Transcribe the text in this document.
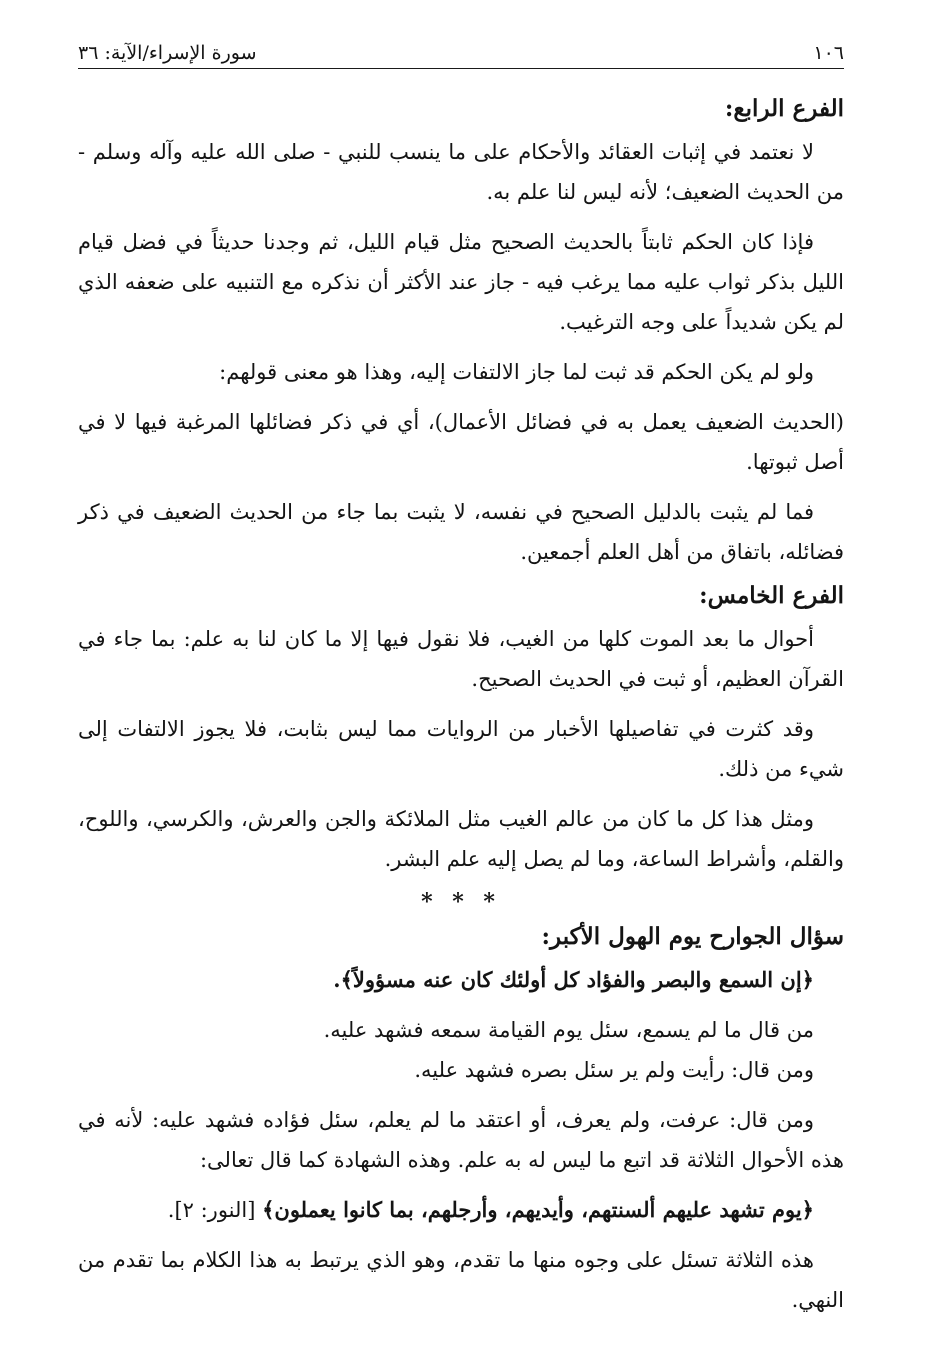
١٠٦
سورة الإسراء/الآية: ٣٦
الفرع الرابع:

لا نعتمد في إثبات العقائد والأحكام على ما ينسب للنبي - صلى الله عليه وآله وسلم - من الحديث الضعيف؛ لأنه ليس لنا علم به.

فإذا كان الحكم ثابتاً بالحديث الصحيح مثل قيام الليل، ثم وجدنا حديثاً في فضل قيام الليل بذكر ثواب عليه مما يرغب فيه - جاز عند الأكثر أن نذكره مع التنبيه على ضعفه الذي لم يكن شديداً على وجه الترغيب.

ولو لم يكن الحكم قد ثبت لما جاز الالتفات إليه، وهذا هو معنى قولهم:

(الحديث الضعيف يعمل به في فضائل الأعمال)، أي في ذكر فضائلها المرغبة فيها لا في أصل ثبوتها.

فما لم يثبت بالدليل الصحيح في نفسه، لا يثبت بما جاء من الحديث الضعيف في ذكر فضائله، باتفاق من أهل العلم أجمعين.

الفرع الخامس:

أحوال ما بعد الموت كلها من الغيب، فلا نقول فيها إلا ما كان لنا به علم: بما جاء في القرآن العظيم، أو ثبت في الحديث الصحيح.

وقد كثرت في تفاصيلها الأخبار من الروايات مما ليس بثابت، فلا يجوز الالتفات إلى شيء من ذلك.

ومثل هذا كل ما كان من عالم الغيب مثل الملائكة والجن والعرش، والكرسي، واللوح، والقلم، وأشراط الساعة، وما لم يصل إليه علم البشر.

* * *
سؤال الجوارح يوم الهول الأكبر:

﴿إن السمع والبصر والفؤاد كل أولئك كان عنه مسؤولاً﴾.

من قال ما لم يسمع، سئل يوم القيامة سمعه فشهد عليه.

ومن قال: رأيت ولم ير سئل بصره فشهد عليه.

ومن قال: عرفت، ولم يعرف، أو اعتقد ما لم يعلم، سئل فؤاده فشهد عليه: لأنه في هذه الأحوال الثلاثة قد اتبع ما ليس له به علم. وهذه الشهادة كما قال تعالى:

﴿يوم تشهد عليهم ألسنتهم، وأيديهم، وأرجلهم، بما كانوا يعملون﴾ [النور: ٢].

هذه الثلاثة تسئل على وجوه منها ما تقدم، وهو الذي يرتبط به هذا الكلام بما تقدم من النهي.
